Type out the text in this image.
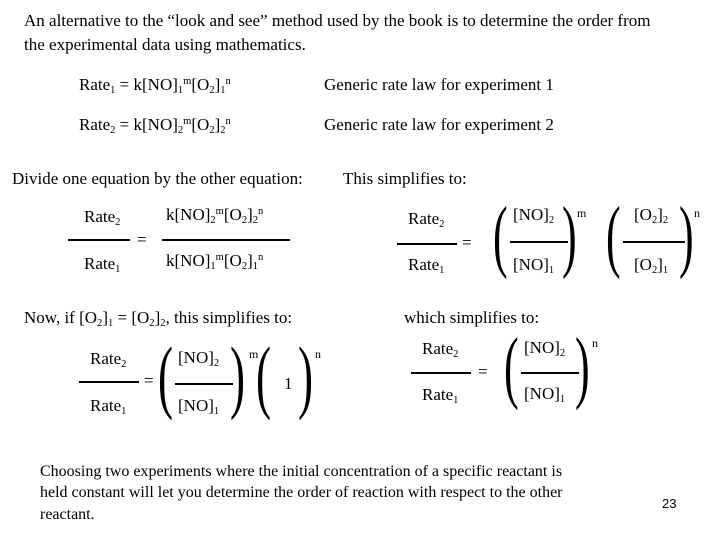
An alternative to the “look and see” method used by the book is to determine the order from
the experimental data using mathematics.
Rate$_1$ = $k[NO]_1^m[O_2]_1^n$	Generic rate law for experiment 1
Rate$_2$ = $k[NO]_2^m[O_2]_2^n$	Generic rate law for experiment 2
Divide one equation by the other equation: This simplifies to:
Rate$_2$
Rate$_1$
=
$k[NO]_2^m[O_2]_2^n$
$k[NO]_1^m[O_2]_1^n$
Rate$_2$
Rate$_1$
= ( $[NO]_2$
$[NO]_1$ ) m ( $[O_2]_2$
$[O_2]_1$ ) n
Now, if $[O_2]_1 = [O_2]_2$, this simplifies to:	which simplifies to:
Rate$_2$
Rate$_1$
= ( $[NO]_2$
$[NO]_1$ ) m
( 1 ) n	Rate$_2$
Rate$_1$
= ( $[NO]_2$
$[NO]_1$ ) n
Choosing two experiments where the initial concentration of a specific reactant is
held constant will let you determine the order of reaction with respect to the other
reactant.
23
